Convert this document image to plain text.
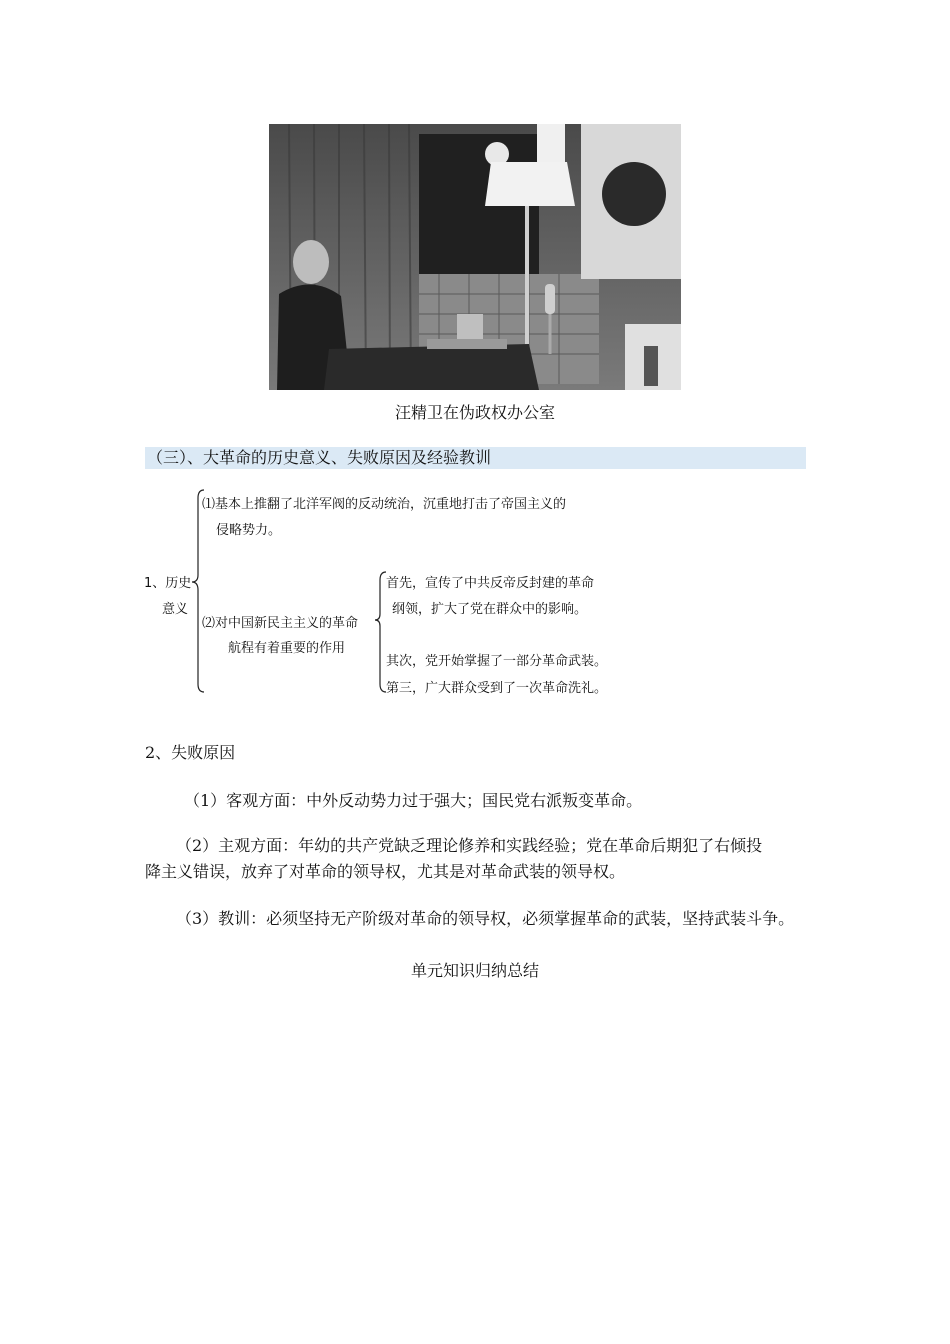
汪精卫在伪政权办公室
（三）、大革命的历史意义、失败原因及经验教训
1、历史
意义
⑴基本上推翻了北洋军阀的反动统治，沉重地打击了帝国主义的
侵略势力。
⑵对中国新民主主义的革命
航程有着重要的作用
首先，宣传了中共反帝反封建的革命
纲领，扩大了党在群众中的影响。
其次，党开始掌握了一部分革命武装。
第三，广大群众受到了一次革命洗礼。
2、失败原因
（1）客观方面：中外反动势力过于强大；国民党右派叛变革命。
（2）主观方面：年幼的共产党缺乏理论修养和实践经验；党在革命后期犯了右倾投
降主义错误，放弃了对革命的领导权，尤其是对革命武装的领导权。
（3）教训：必须坚持无产阶级对革命的领导权，必须掌握革命的武装，坚持武装斗争。
单元知识归纳总结
